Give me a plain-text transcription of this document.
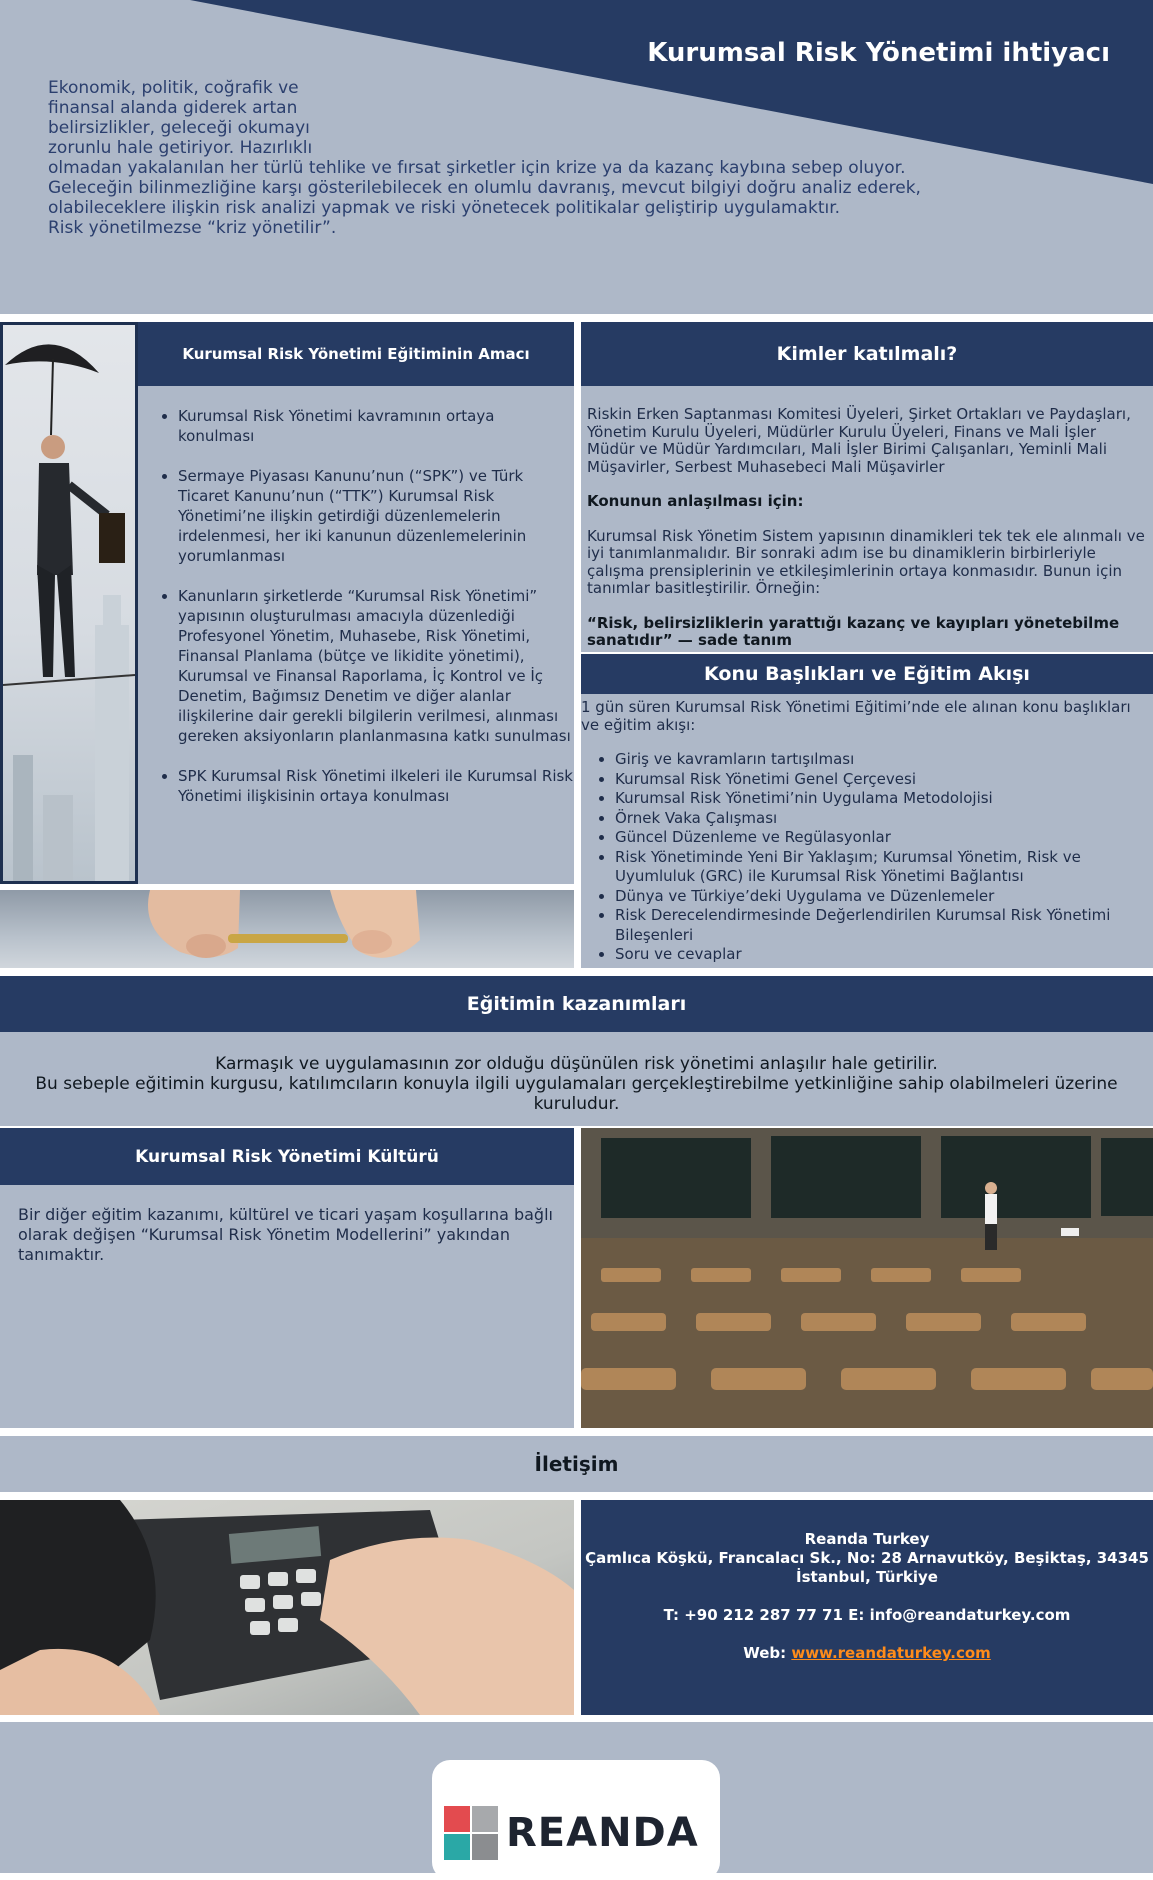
Kurumsal Risk Yönetimi ihtiyacı

Ekonomik, politik, coğrafik ve

finansal alanda giderek artan

belirsizlikler, geleceği okumayı

zorunlu hale getiriyor. Hazırlıklı

olmadan yakalanılan her türlü tehlike ve fırsat şirketler için krize ya da kazanç kaybına sebep oluyor.

Geleceğin bilinmezliğine karşı gösterilebilecek en olumlu davranış, mevcut bilgiyi doğru analiz ederek,

olabileceklere ilişkin risk analizi yapmak ve riski yönetecek politikalar geliştirip uygulamaktır.

Risk yönetilmezse “kriz yönetilir”.

Kurumsal Risk Yönetimi Eğitiminin Amacı
• Kurumsal Risk Yönetimi kavramının ortaya konulması
• Sermaye Piyasası Kanunu’nun (“SPK”) ve Türk Ticaret Kanunu’nun (“TTK”) Kurumsal Risk Yönetimi’ne ilişkin getirdiği düzenlemelerin irdelenmesi, her iki kanunun düzenlemelerinin yorumlanması
• Kanunların şirketlerde “Kurumsal Risk Yönetimi” yapısının oluşturulması amacıyla düzenlediği Profesyonel Yönetim, Muhasebe, Risk Yönetimi, Finansal Planlama (bütçe ve likidite yönetimi), Kurumsal ve Finansal Raporlama, İç Kontrol ve İç Denetim, Bağımsız Denetim ve diğer alanlar ilişkilerine dair gerekli bilgilerin verilmesi, alınması gereken aksiyonların planlanmasına katkı sunulması
• SPK Kurumsal Risk Yönetimi ilkeleri ile Kurumsal Risk Yönetimi ilişkisinin ortaya konulması
Kimler katılmalı?

Riskin Erken Saptanması Komitesi Üyeleri, Şirket Ortakları ve Paydaşları, Yönetim Kurulu Üyeleri, Müdürler Kurulu Üyeleri, Finans ve Mali İşler Müdür ve Müdür Yardımcıları, Mali İşler Birimi Çalışanları, Yeminli Mali Müşavirler, Serbest Muhasebeci Mali Müşavirler

Konunun anlaşılması için:

Kurumsal Risk Yönetim Sistem yapısının dinamikleri tek tek ele alınmalı ve iyi tanımlanmalıdır. Bir sonraki adım ise bu dinamiklerin birbirleriyle çalışma prensiplerinin ve etkileşimlerinin ortaya konmasıdır. Bunun için tanımlar basitleştirilir. Örneğin:

“Risk, belirsizliklerin yarattığı kazanç ve kayıpları yönetebilme sanatıdır” — sade tanım

Konu Başlıkları ve Eğitim Akışı

1 gün süren Kurumsal Risk Yönetimi Eğitimi’nde ele alınan konu başlıkları ve eğitim akışı:

• Giriş ve kavramların tartışılması
• Kurumsal Risk Yönetimi Genel Çerçevesi
• Kurumsal Risk Yönetimi’nin Uygulama Metodolojisi
• Örnek Vaka Çalışması
• Güncel Düzenleme ve Regülasyonlar
• Risk Yönetiminde Yeni Bir Yaklaşım; Kurumsal Yönetim, Risk ve Uyumluluk (GRC) ile Kurumsal Risk Yönetimi Bağlantısı
• Dünya ve Türkiye’deki Uygulama ve Düzenlemeler
• Risk Derecelendirmesinde Değerlendirilen Kurumsal Risk Yönetimi Bileşenleri
• Soru ve cevaplar
Eğitimin kazanımları

Karmaşık ve uygulamasının zor olduğu düşünülen risk yönetimi anlaşılır hale getirilir.

Bu sebeple eğitimin kurgusu, katılımcıların konuyla ilgili uygulamaları gerçekleştirebilme yetkinliğine sahip olabilmeleri üzerine kuruludur.

Kurumsal Risk Yönetimi Kültürü

Bir diğer eğitim kazanımı, kültürel ve ticari yaşam koşullarına bağlı olarak değişen “Kurumsal Risk Yönetim Modellerini” yakından tanımaktır.

İletişim

Reanda Turkey

Çamlıca Köşkü, Francalacı Sk., No: 28 Arnavutköy, Beşiktaş, 34345

İstanbul, Türkiye

T: +90 212 287 77 71 E: info@reandaturkey.com

Web: www.reandaturkey.com

REANDA
